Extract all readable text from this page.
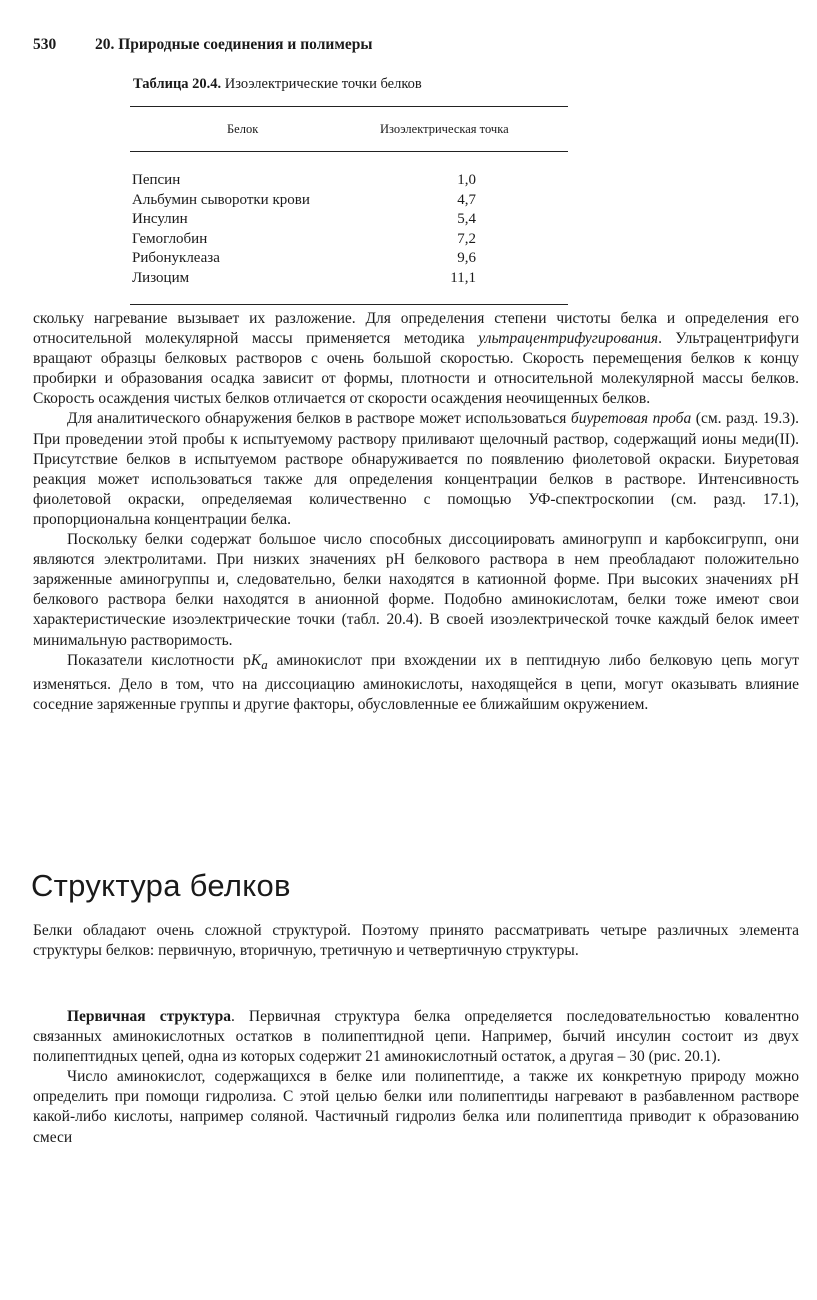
530	20. Природные соединения и полимеры
Таблица 20.4. Изоэлектрические точки белков
Белок	Изоэлектрическая точка
Пепсин	1,0
Альбумин сыворотки крови	4,7
Инсулин	5,4
Гемоглобин	7,2
Рибонуклеаза	9,6
Лизоцим	11,1

скольку нагревание вызывает их разложение. Для определения степени чистоты белка и определения его относительной молекулярной массы применяется методика ультрацентрифугирования. Ультрацентрифуги вращают образцы белковых растворов с очень большой скоростью. Скорость перемещения белков к концу пробирки и образования осадка зависит от формы, плотности и относительной молекулярной массы белков. Скорость осаждения чистых белков отличается от скорости осаждения неочищенных белков.

Для аналитического обнаружения белков в растворе может использоваться биуретовая проба (см. разд. 19.3). При проведении этой пробы к испытуемому раствору приливают щелочный раствор, содержащий ионы меди(II). Присутствие белков в испытуемом растворе обнаруживается по появлению фиолетовой окраски. Биуретовая реакция может использоваться также для определения концентрации белков в растворе. Интенсивность фиолетовой окраски, определяемая количественно с помощью УФ-спектроскопии (см. разд. 17.1), пропорциональна концентрации белка.

Поскольку белки содержат большое число способных диссоциировать аминогрупп и карбоксигрупп, они являются электролитами. При низких значениях pH белкового раствора в нем преобладают положительно заряженные аминогруппы и, следовательно, белки находятся в катионной форме. При высоких значениях pH белкового раствора белки находятся в анионной форме. Подобно аминокислотам, белки тоже имеют свои характеристические изоэлектрические точки (табл. 20.4). В своей изоэлектрической точке каждый белок имеет минимальную растворимость.

Показатели кислотности $pK_a$ аминокислот при вхождении их в пептидную либо белковую цепь могут изменяться. Дело в том, что на диссоциацию аминокислоты, находящейся в цепи, могут оказывать влияние соседние заряженные группы и другие факторы, обусловленные ее ближайшим окружением.

Структура белков

Белки обладают очень сложной структурой. Поэтому принято рассматривать четыре различных элемента структуры белков: первичную, вторичную, третичную и четвертичную структуры.

Первичная структура. Первичная структура белка определяется последовательностью ковалентно связанных аминокислотных остатков в полипептидной цепи. Например, бычий инсулин состоит из двух полипептидных цепей, одна из которых содержит 21 аминокислотный остаток, а другая – 30 (рис. 20.1).

Число аминокислот, содержащихся в белке или полипептиде, а также их конкретную природу можно определить при помощи гидролиза. С этой целью белки или полипептиды нагревают в разбавленном растворе какой-либо кислоты, например соляной. Частичный гидролиз белка или полипептида приводит к образованию смеси
